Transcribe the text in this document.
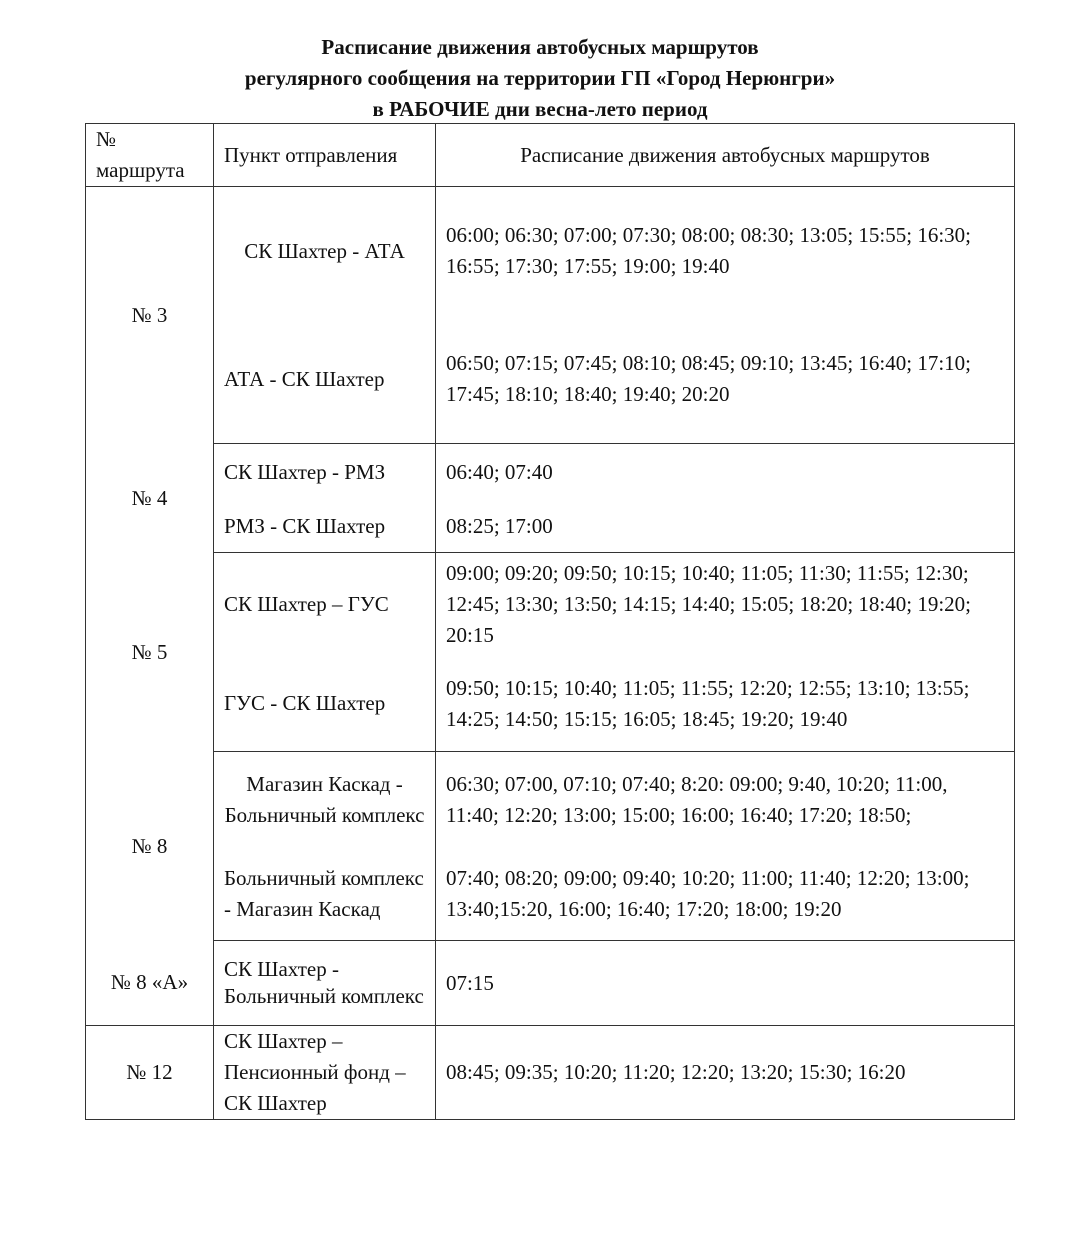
Расписание движения автобусных маршрутов
регулярного сообщения на территории ГП «Город Нерюнгри»
в РАБОЧИЕ дни весна-лето период
№ маршрута	Пункт отправления	Расписание движения автобусных маршрутов
№ 3	СК Шахтер - АТА	06:00; 06:30; 07:00; 07:30; 08:00; 08:30; 13:05; 15:55; 16:30; 16:55; 17:30; 17:55; 19:00; 19:40
	АТА - СК Шахтер	06:50; 07:15; 07:45; 08:10; 08:45; 09:10; 13:45; 16:40; 17:10; 17:45; 18:10; 18:40; 19:40; 20:20
№ 4	СК Шахтер - РМЗ	06:40; 07:40
	РМЗ - СК Шахтер	08:25; 17:00
№ 5	СК Шахтер – ГУС	09:00; 09:20; 09:50; 10:15; 10:40; 11:05; 11:30; 11:55; 12:30; 12:45; 13:30; 13:50; 14:15; 14:40; 15:05; 18:20; 18:40; 19:20; 20:15
	ГУС - СК Шахтер	09:50; 10:15; 10:40; 11:05; 11:55; 12:20; 12:55; 13:10; 13:55; 14:25; 14:50; 15:15; 16:05; 18:45; 19:20; 19:40
№ 8	Магазин Каскад - Больничный комплекс	06:30; 07:00, 07:10; 07:40; 8:20: 09:00; 9:40, 10:20; 11:00, 11:40; 12:20; 13:00; 15:00; 16:00; 16:40; 17:20; 18:50;
	Больничный комплекс - Магазин Каскад	07:40; 08:20; 09:00; 09:40; 10:20; 11:00; 11:40; 12:20; 13:00; 13:40;15:20, 16:00; 16:40; 17:20; 18:00; 19:20
№ 8 «А»	СК Шахтер - Больничный комплекс	07:15
№ 12	СК Шахтер – Пенсионный фонд – СК Шахтер	08:45; 09:35; 10:20; 11:20; 12:20; 13:20; 15:30; 16:20
